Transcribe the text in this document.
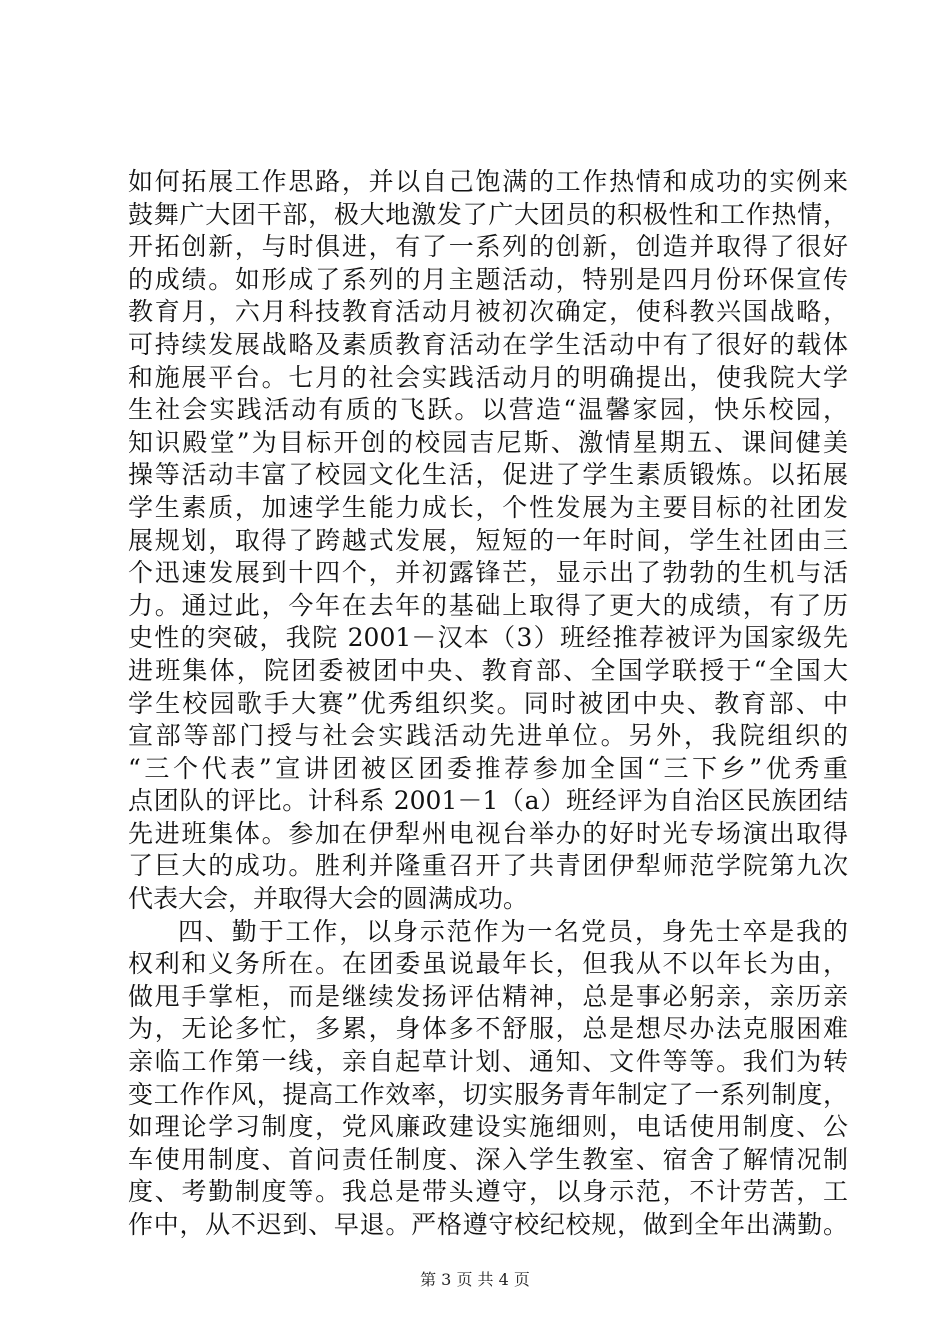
如何拓展工作思路，并以自己饱满的工作热情和成功的实例来
鼓舞广大团干部，极大地激发了广大团员的积极性和工作热情，
开拓创新，与时俱进，有了一系列的创新，创造并取得了很好
的成绩。如形成了系列的月主题活动，特别是四月份环保宣传
教育月，六月科技教育活动月被初次确定，使科教兴国战略，
可持续发展战略及素质教育活动在学生活动中有了很好的载体
和施展平台。七月的社会实践活动月的明确提出，使我院大学
生社会实践活动有质的飞跃。以营造“温馨家园，快乐校园，
知识殿堂”为目标开创的校园吉尼斯、激情星期五、课间健美
操等活动丰富了校园文化生活，促进了学生素质锻炼。以拓展
学生素质，加速学生能力成长，个性发展为主要目标的社团发
展规划，取得了跨越式发展，短短的一年时间，学生社团由三
个迅速发展到十四个，并初露锋芒，显示出了勃勃的生机与活
力。通过此，今年在去年的基础上取得了更大的成绩，有了历
史性的突破，我院 2001－汉本（3）班经推荐被评为国家级先
进班集体，院团委被团中央、教育部、全国学联授于“全国大
学生校园歌手大赛”优秀组织奖。同时被团中央、教育部、中
宣部等部门授与社会实践活动先进单位。另外，我院组织的
“三个代表”宣讲团被区团委推荐参加全国“三下乡”优秀重
点团队的评比。计科系 2001－1（a）班经评为自治区民族团结
先进班集体。参加在伊犁州电视台举办的好时光专场演出取得
了巨大的成功。胜利并隆重召开了共青团伊犁师范学院第九次
代表大会，并取得大会的圆满成功。
四、勤于工作，以身示范作为一名党员，身先士卒是我的
权利和义务所在。在团委虽说最年长，但我从不以年长为由，
做甩手掌柜，而是继续发扬评估精神，总是事必躬亲，亲历亲
为，无论多忙，多累，身体多不舒服，总是想尽办法克服困难
亲临工作第一线，亲自起草计划、通知、文件等等。我们为转
变工作作风，提高工作效率，切实服务青年制定了一系列制度，
如理论学习制度，党风廉政建设实施细则，电话使用制度、公
车使用制度、首问责任制度、深入学生教室、宿舍了解情况制
度、考勤制度等。我总是带头遵守，以身示范，不计劳苦，工
作中，从不迟到、早退。严格遵守校纪校规，做到全年出满勤。
第 3 页 共 4 页
